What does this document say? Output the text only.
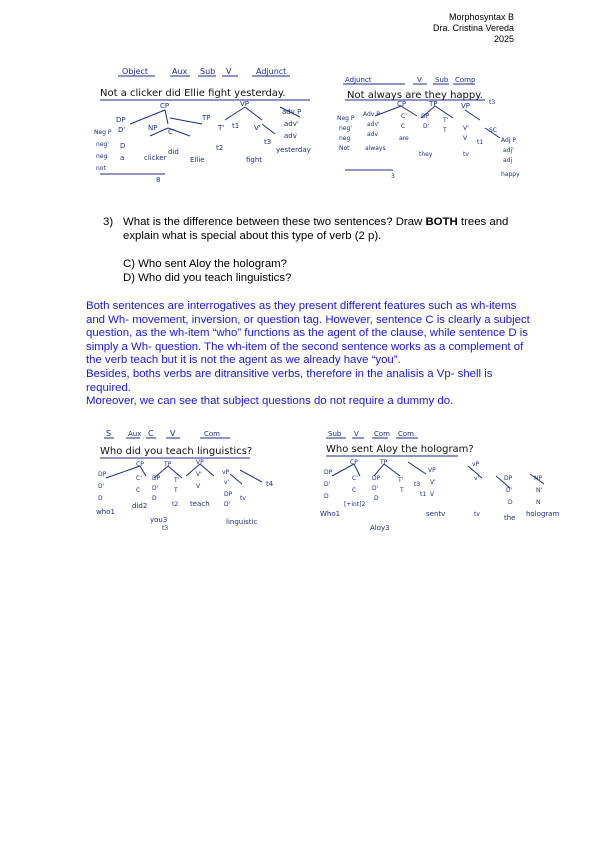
Morphosyntax B
Dra. Cristina Vereda
2025
Object	Aux Sub V	Adjunct
Not a clicker did Ellie fight yesterday.
CP
TP
VP
DP
NP C'	T'	V'
adv P
adv'
adv
yesterday
Neg P D'
neg'
neg
not
D
a	clicker
did
Ellie	fight
t2
t1
t3
8
Adjunct	V Sub Comp
Not always are they happy.
CP	TP	VP
Adv P
adv'
adv
always
Neg P
neg'
neg
Not
C'
C
are
DP
D'
they
T'
T
t1
V'
V
tv
SC
Adj P
adj'
adj
happy
t3
3
3) What is the difference between these two sentences? Draw BOTH trees and explain what is special about this type of verb (2 p).
C) Who sent Aloy the hologram?
D) Who did you teach linguistics?

Both sentences are interrogatives as they present different features such as wh-items and Wh- movement, inversion, or question tag. However, sentence C is clearly a subject question, as the wh-item “who” functions as the agent of the clause, while sentence D is simply a Wh- question. The wh-item of the second sentence works as a complement of the verb teach but it is not the agent as we already have “you”.

Besides, boths verbs are ditransitive verbs, therefore in the analisis a Vp- shell is required.

Moreover, we can see that subject questions do not require a dummy do.

S Aux C V	Com
Who did you teach linguistics?
DP
D'
D
who1
CP
C'
C
did2
TP
DP
D'
D
you3
T'
T
t2
VP
V'
V
teach
vP
v'
tv
DP
D'
linguistic
t4
t3
Sub V Com Com.
Who sent Aloy the hologram?
DP
D'
D
Who1
CP
C'
C
[+int]2
TP
DP
D'
D
Aloy3
T'
T
t1
t3
VP
V'
V
sentv
vP
v'
tv
DP
D'
D
the
NP
N'
N
hologram
